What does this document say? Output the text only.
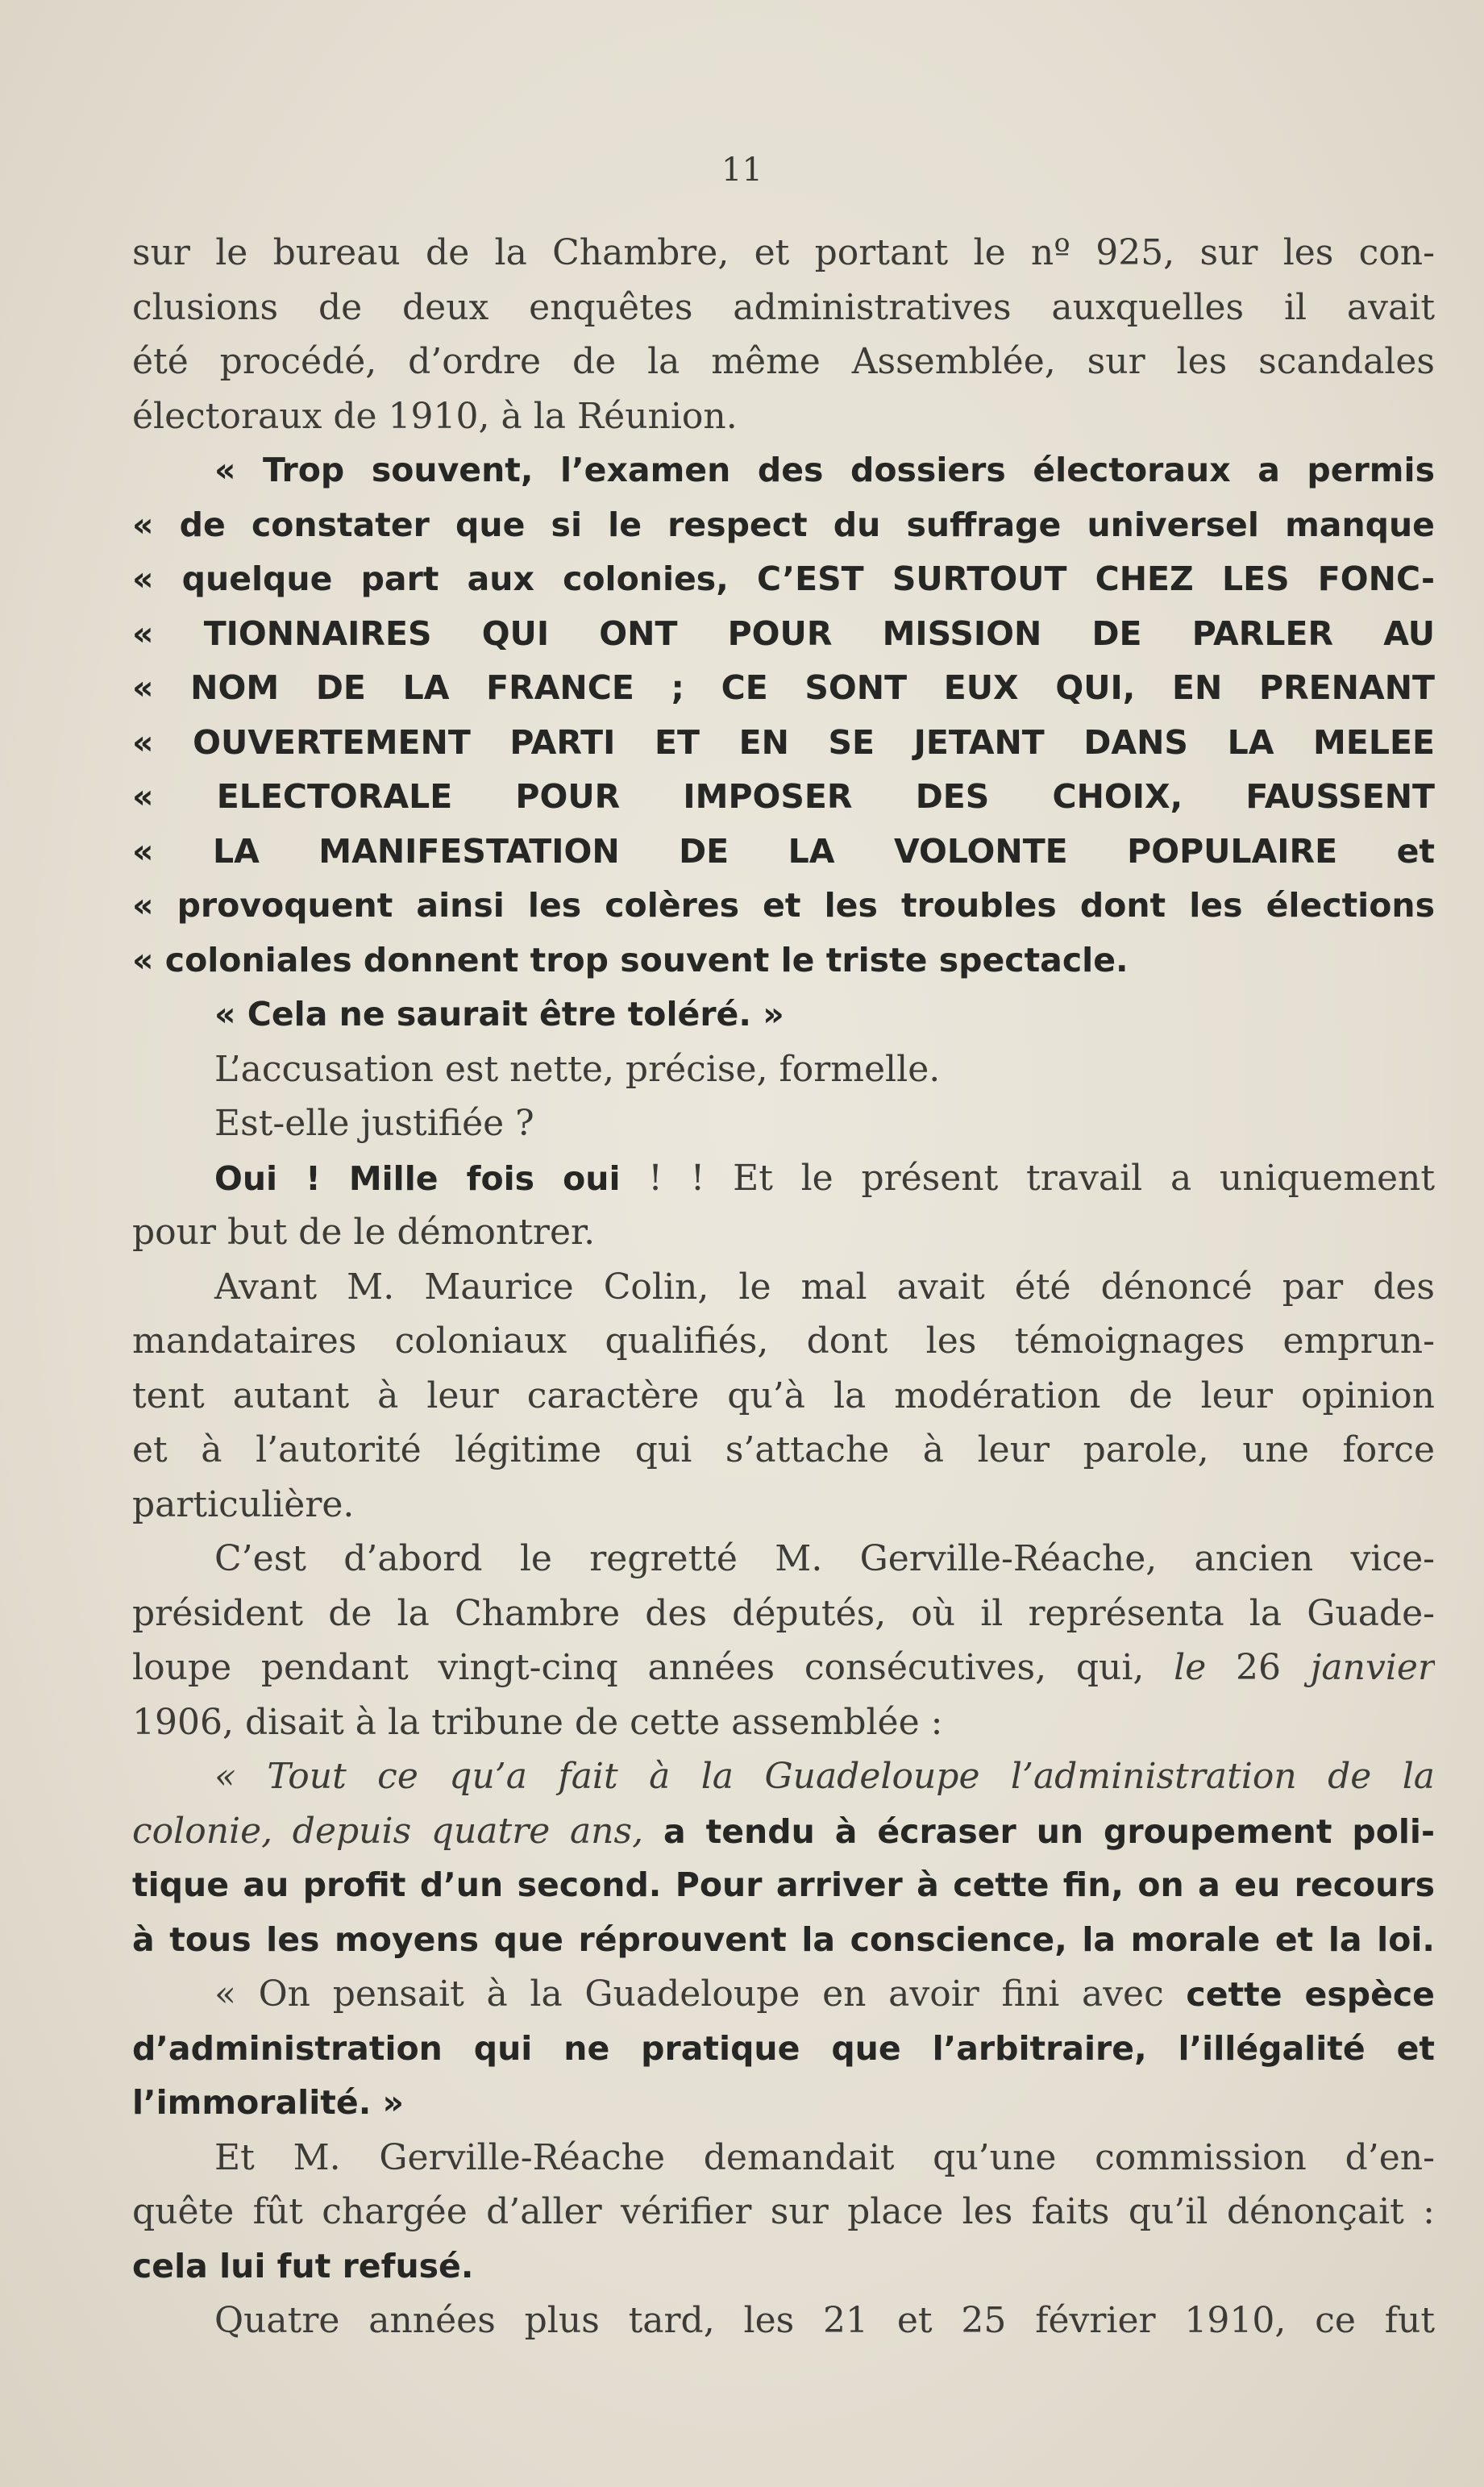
11
sur le bureau de la Chambre, et portant le nº 925, sur les con-
clusions de deux enquêtes administratives auxquelles il avait
été procédé, d’ordre de la même Assemblée, sur les scandales
électoraux de 1910, à la Réunion.
« Trop souvent, l’examen des dossiers électoraux a permis
« de constater que si le respect du suffrage universel manque
« quelque part aux colonies, C’EST SURTOUT CHEZ LES FONC-
« TIONNAIRES QUI ONT POUR MISSION DE PARLER AU
« NOM DE LA FRANCE ; CE SONT EUX QUI, EN PRENANT
« OUVERTEMENT PARTI ET EN SE JETANT DANS LA MELEE
« ELECTORALE POUR IMPOSER DES CHOIX, FAUSSENT
« LA MANIFESTATION DE LA VOLONTE POPULAIRE et
« provoquent ainsi les colères et les troubles dont les élections
« coloniales donnent trop souvent le triste spectacle.
« Cela ne saurait être toléré. »
L’accusation est nette, précise, formelle.
Est-elle justifiée ?
Oui ! Mille fois oui ! ! Et le présent travail a uniquement
pour but de le démontrer.
Avant M. Maurice Colin, le mal avait été dénoncé par des
mandataires coloniaux qualifiés, dont les témoignages emprun-
tent autant à leur caractère qu’à la modération de leur opinion
et à l’autorité légitime qui s’attache à leur parole, une force
particulière.
C’est d’abord le regretté M. Gerville-Réache, ancien vice-
président de la Chambre des députés, où il représenta la Guade-
loupe pendant vingt-cinq années consécutives, qui, le 26 janvier
1906, disait à la tribune de cette assemblée :
« Tout ce qu’a fait à la Guadeloupe l’administration de la
colonie, depuis quatre ans, a tendu à écraser un groupement poli-
tique au profit d’un second. Pour arriver à cette fin, on a eu recours
à tous les moyens que réprouvent la conscience, la morale et la loi.
« On pensait à la Guadeloupe en avoir fini avec cette espèce
d’administration qui ne pratique que l’arbitraire, l’illégalité et
l’immoralité. »
Et M. Gerville-Réache demandait qu’une commission d’en-
quête fût chargée d’aller vérifier sur place les faits qu’il dénonçait :
cela lui fut refusé.
Quatre années plus tard, les 21 et 25 février 1910, ce fut
